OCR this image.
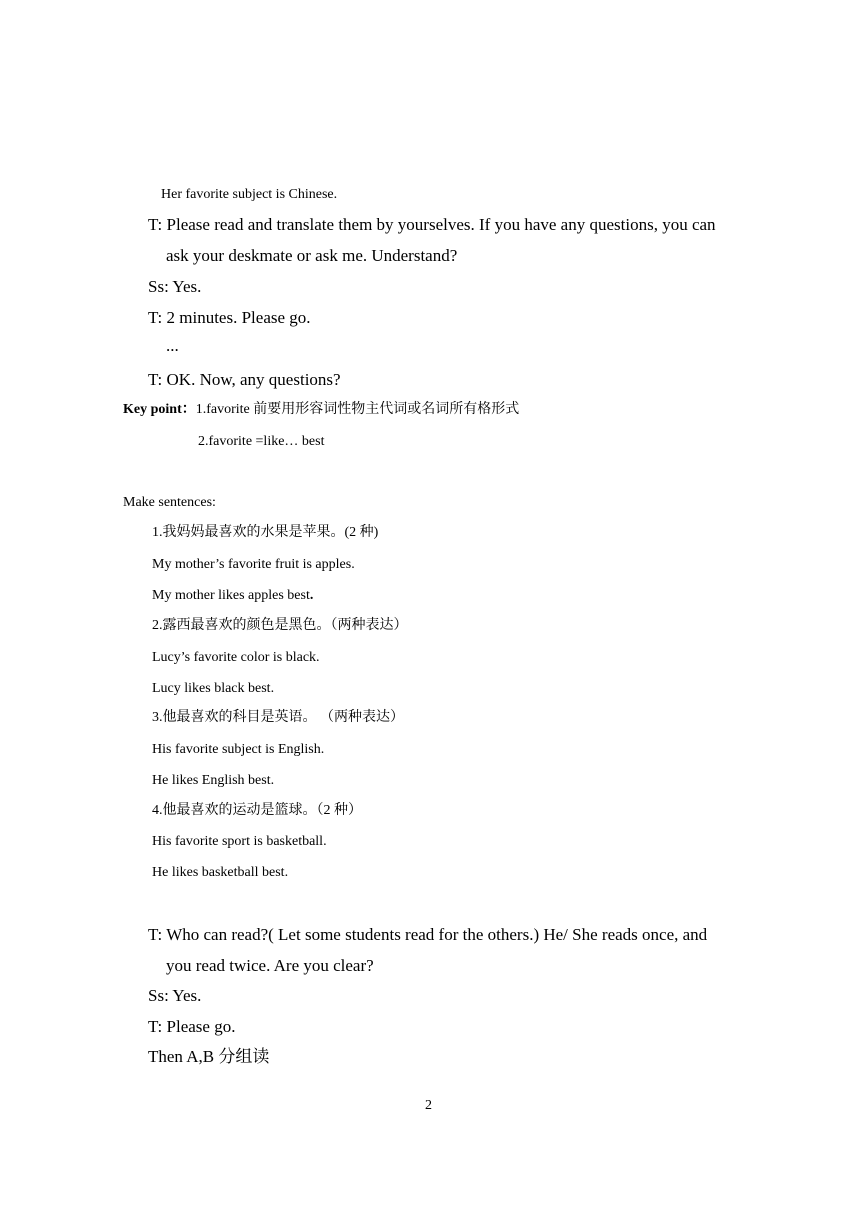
Her favorite subject is Chinese.
T: Please read and translate them by yourselves. If you have any questions, you can
ask your deskmate or ask me. Understand?
Ss: Yes.
T: 2 minutes. Please go.
...
T: OK. Now, any questions?
Key point：1.favorite 前要用形容词性物主代词或名词所有格形式
2.favorite =like… best
Make sentences:
1.我妈妈最喜欢的水果是苹果。(2 种)
My mother’s favorite fruit is apples.
My mother likes apples best.
2.露西最喜欢的颜色是黑色。（两种表达）
Lucy’s favorite color is black.
Lucy likes black best.
3.他最喜欢的科目是英语。 （两种表达）
His favorite subject is English.
He likes English best.
4.他最喜欢的运动是篮球。（2 种）
His favorite sport is basketball.
He likes basketball best.
T: Who can read?( Let some students read for the others.) He/ She reads once, and
you read twice. Are you clear?
Ss: Yes.
T: Please go.
Then A,B 分组读
2
